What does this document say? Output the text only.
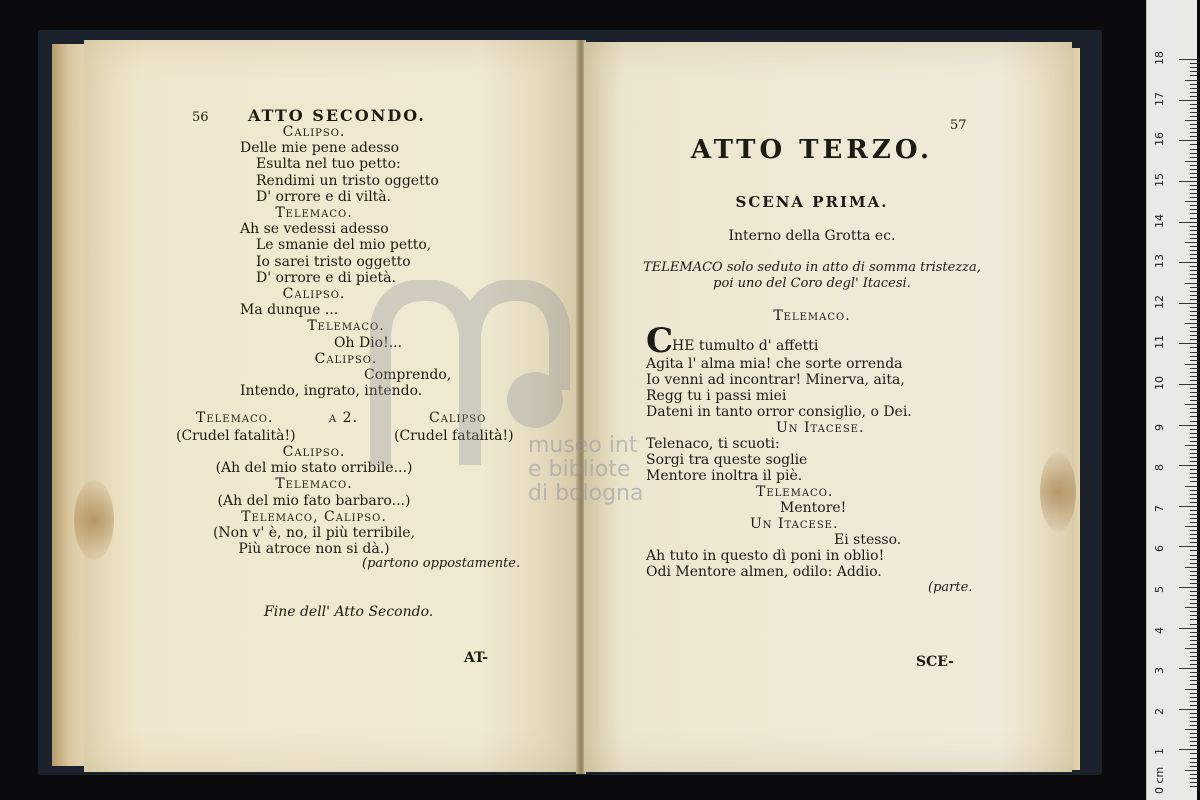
56 ATTO SECONDO.
Calipso.
Delle mie pene adesso
Esulta nel tuo petto:
Rendimi un tristo oggetto
D' orrore e di viltà.
Telemaco.
Ah se vedessi adesso
Le smanie del mio petto,
Io sarei tristo oggetto
D' orrore e di pietà.
Calipso.
Ma dunque ...
Telemaco.
Oh Dio!...
Calipso.
Comprendo,
Intendo, ingrato, intendo.
Telemaco.	a 2.	Calipso
(Crudel fatalità!)	(Crudel fatalità!)
Calipso.
(Ah del mio stato orribile...)
Telemaco.
(Ah del mio fato barbaro...)
Telemaco, Calipso.
(Non v' è, no, il più terribile,
Più atroce non si dà.)
(partono oppostamente.
Fine dell' Atto Secondo.
AT-
57
ATTO TERZO.
SCENA PRIMA.
Interno della Grotta ec.
TELEMACO solo seduto in atto di somma tristezza,
poi uno del Coro degl' Itacesi.
Telemaco.
C
HE tumulto d' affetti
Agita l' alma mia! che sorte orrenda
Io venni ad incontrar! Minerva, aita,
Regg tu i passi miei
Dateni in tanto orror consiglio, o Dei.
Un Itacese.
Telenaco, ti scuoti:
Sorgi tra queste soglie
Mentore inoltra il piè.
Telemaco.
Mentore!
Un Itacese.
Ei stesso.
Ah tuto in questo dì poni in oblio!
Odi Mentore almen, odilo: Addio.
(parte.
SCE-
museo int
e bibliote
di bologna
0 cm
1
2
3
4
5
6
7
8
9
10
11
12
13
14
15
16
17
18
